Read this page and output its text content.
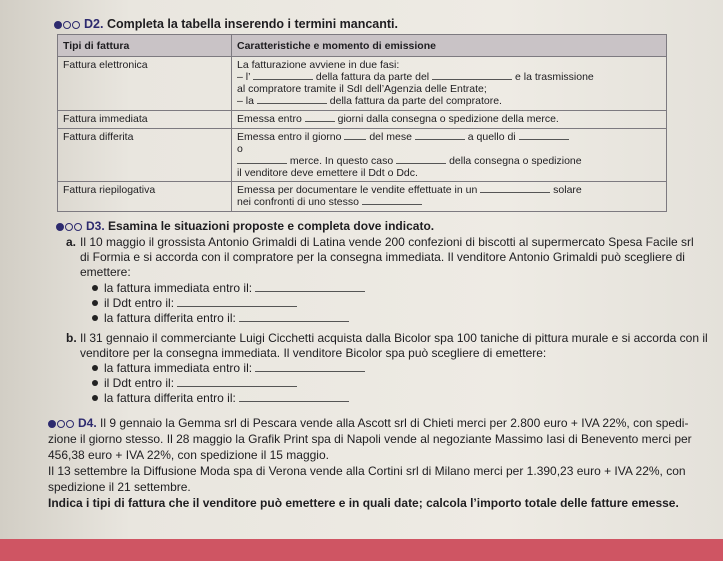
D2. Completa la tabella inserendo i termini mancanti.
Tipi di fattura	Caratteristiche e momento di emissione
Fattura elettronica	La fatturazione avviene in due fasi:
– l’ della fattura da parte del e la trasmissione
al compratore tramite il SdI dell’Agenzia delle Entrate;
– la della fattura da parte del compratore.

Fattura immediata	Emessa entro giorni dalla consegna o spedizione della merce.
Fattura differita	Emessa entro il giorno del mese a quello di
o
merce. In questo caso della consegna o spedizione
il venditore deve emettere il Ddt o Ddc.

Fattura riepilogativa	Emessa per documentare le vendite effettuate in un solare
nei confronti di uno stesso
D3. Esamina le situazioni proposte e completa dove indicato.
a. Il 10 maggio il grossista Antonio Grimaldi di Latina vende 200 confezioni di biscotti al supermercato Spesa Facile srl
di Formia e si accorda con il compratore per la consegna immediata. Il venditore Antonio Grimaldi può scegliere di
emettere:
la fattura immediata entro il:
il Ddt entro il:
la fattura differita entro il:
b. Il 31 gennaio il commerciante Luigi Cicchetti acquista dalla Bicolor spa 100 taniche di pittura murale e si accorda con il
venditore per la consegna immediata. Il venditore Bicolor spa può scegliere di emettere:
la fattura immediata entro il:
il Ddt entro il:
la fattura differita entro il:
D4. Il 9 gennaio la Gemma srl di Pescara vende alla Ascott srl di Chieti merci per 2.800 euro + IVA 22%, con spedi-
zione il giorno stesso. Il 28 maggio la Grafik Print spa di Napoli vende al negoziante Massimo Iasi di Benevento merci per
456,38 euro + IVA 22%, con spedizione il 15 maggio.
Il 13 settembre la Diffusione Moda spa di Verona vende alla Cortini srl di Milano merci per 1.390,23 euro + IVA 22%, con
spedizione il 21 settembre.
Indica i tipi di fattura che il venditore può emettere e in quali date; calcola l’importo totale delle fatture emesse.
